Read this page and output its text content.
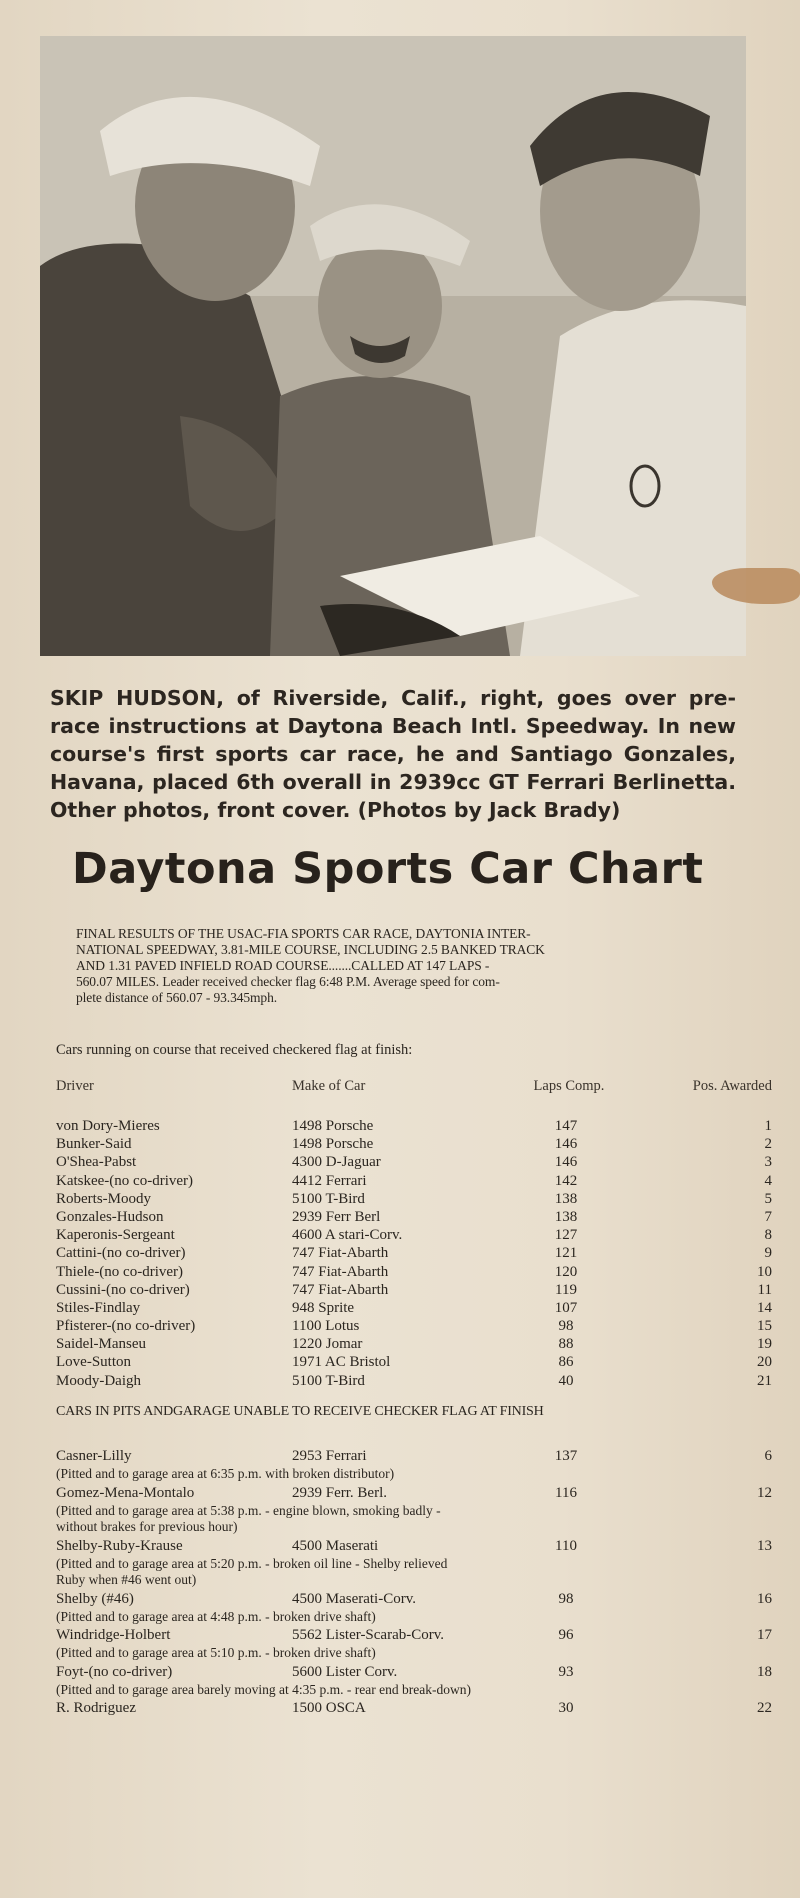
SKIP HUDSON, of Riverside, Calif., right, goes over pre-race instructions at Daytona Beach Intl. Speedway. In new course's first sports car race, he and Santiago Gonzales, Havana, placed 6th overall in 2939cc GT Ferrari Berlinetta. Other photos, front cover. (Photos by Jack Brady)
Daytona Sports Car Chart
FINAL RESULTS OF THE USAC-FIA SPORTS CAR RACE, DAYTONIA INTER-
NATIONAL SPEEDWAY, 3.81-MILE COURSE, INCLUDING 2.5 BANKED TRACK
AND 1.31 PAVED INFIELD ROAD COURSE.......CALLED AT 147 LAPS -
560.07 MILES. Leader received checker flag 6:48 P.M. Average speed for com-
plete distance of 560.07 - 93.345mph.
Cars running on course that received checkered flag at finish:
Driver	Make of Car	Laps Comp.	Pos. Awarded
von Dory-Mieres	1498 Porsche	147	1
Bunker-Said	1498 Porsche	146	2
O'Shea-Pabst	4300 D-Jaguar	146	3
Katskee-(no co-driver)	4412 Ferrari	142	4
Roberts-Moody	5100 T-Bird	138	5
Gonzales-Hudson	2939 Ferr Berl	138	7
Kaperonis-Sergeant	4600 A stari-Corv.	127	8
Cattini-(no co-driver)	747 Fiat-Abarth	121	9
Thiele-(no co-driver)	747 Fiat-Abarth	120	10
Cussini-(no co-driver)	747 Fiat-Abarth	119	11
Stiles-Findlay	948 Sprite	107	14
Pfisterer-(no co-driver)	1100 Lotus	98	15
Saidel-Manseu	1220 Jomar	88	19
Love-Sutton	1971 AC Bristol	86	20
Moody-Daigh	5100 T-Bird	40	21
CARS IN PITS ANDGARAGE UNABLE TO RECEIVE CHECKER FLAG AT FINISH
Casner-Lilly	2953 Ferrari	137	6
(Pitted and to garage area at 6:35 p.m. with broken distributor)
Gomez-Mena-Montalo	2939 Ferr. Berl.	116	12
(Pitted and to garage area at 5:38 p.m. - engine blown, smoking badly - without brakes for previous hour)
Shelby-Ruby-Krause	4500 Maserati	110	13
(Pitted and to garage area at 5:20 p.m. - broken oil line - Shelby relieved Ruby when #46 went out)
Shelby (#46)	4500 Maserati-Corv.	98	16
(Pitted and to garage area at 4:48 p.m. - broken drive shaft)
Windridge-Holbert	5562 Lister-Scarab-Corv.	96	17
(Pitted and to garage area at 5:10 p.m. - broken drive shaft)
Foyt-(no co-driver)	5600 Lister Corv.	93	18
(Pitted and to garage area barely moving at 4:35 p.m. - rear end break-down)
R. Rodriguez	1500 OSCA	30	22
